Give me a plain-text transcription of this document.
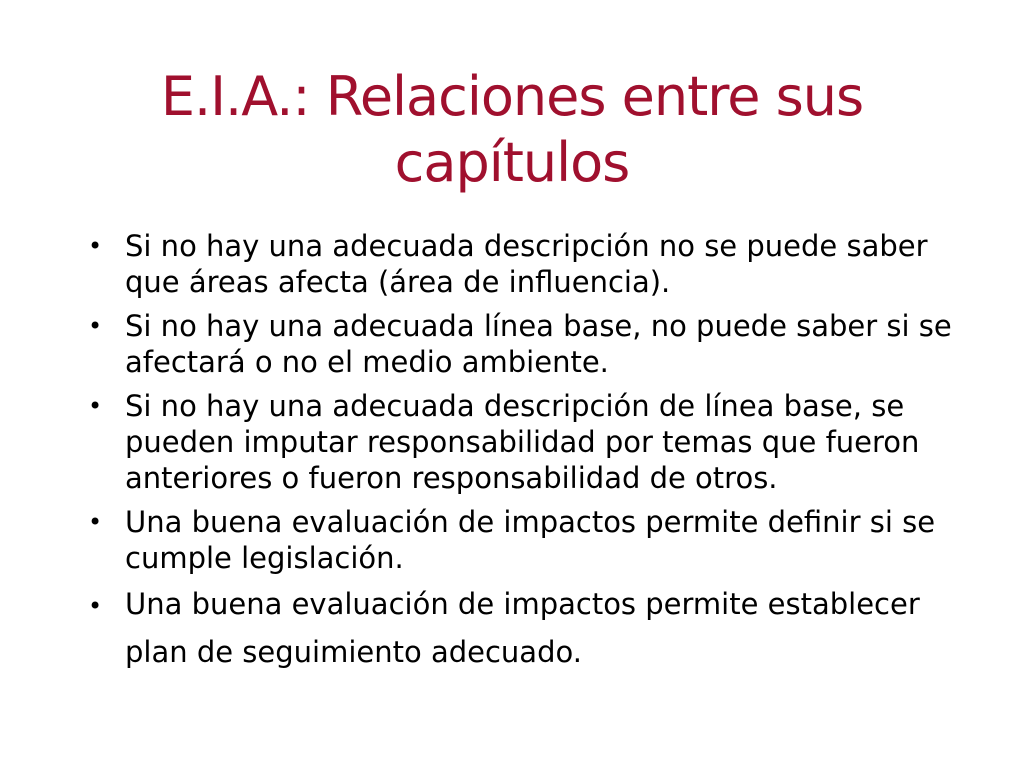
E.I.A.: Relaciones entre sus capítulos
• Si no hay una adecuada descripción no se puede saber que áreas afecta (área de influencia).
• Si no hay una adecuada línea base, no puede saber si se afectará o no el medio ambiente.
• Si no hay una adecuada descripción de línea base, se pueden imputar responsabilidad por temas que fueron anteriores o fueron responsabilidad de otros.
• Una buena evaluación de impactos permite definir si se cumple legislación.
• Una buena evaluación de impactos permite establecer plan de seguimiento adecuado.
